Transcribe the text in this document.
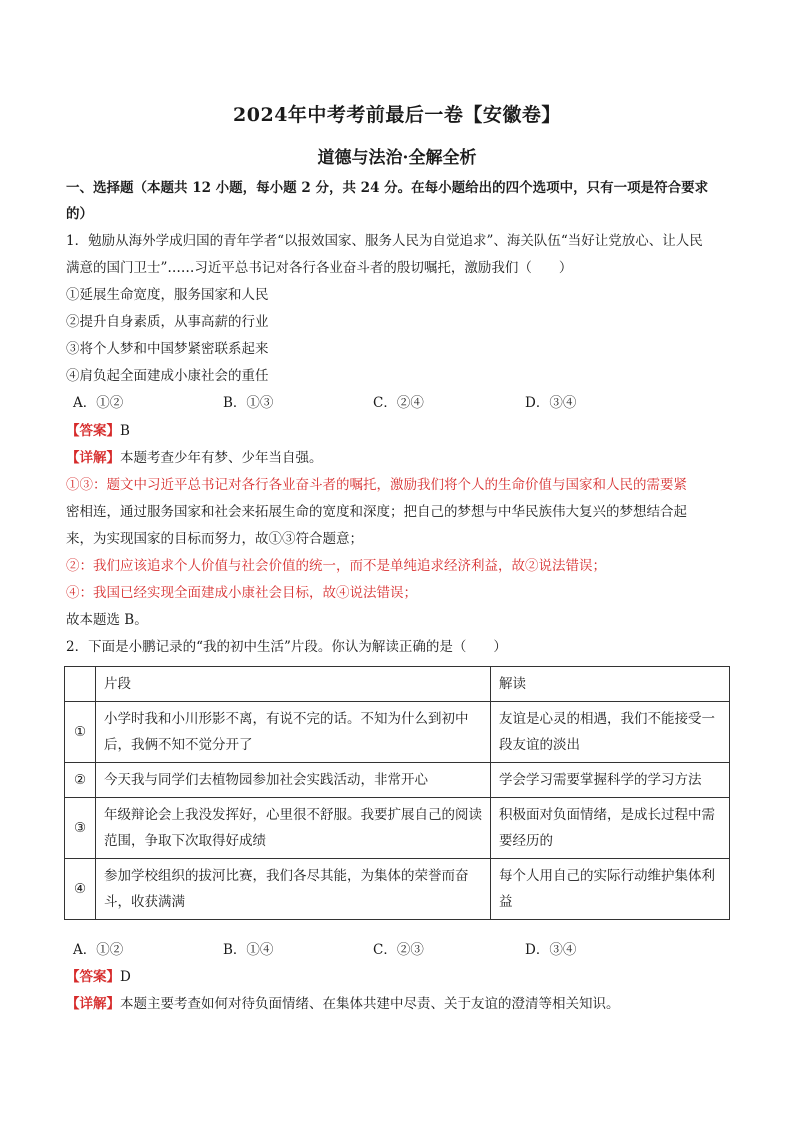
2024年中考考前最后一卷【安徽卷】
道德与法治·全解全析
一、选择题（本题共 12 小题，每小题 2 分，共 24 分。在每小题给出的四个选项中，只有一项是符合要求
的）
1．勉励从海外学成归国的青年学者“以报效国家、服务人民为自觉追求”、海关队伍“当好让党放心、让人民
满意的国门卫士”……习近平总书记对各行各业奋斗者的殷切嘱托，激励我们（　　）
①延展生命宽度，服务国家和人民
②提升自身素质，从事高薪的行业
③将个人梦和中国梦紧密联系起来
④肩负起全面建成小康社会的重任
A．①②	B．①③	C．②④	D．③④
【答案】B
【详解】本题考查少年有梦、少年当自强。
①③：题文中习近平总书记对各行各业奋斗者的嘱托，激励我们将个人的生命价值与国家和人民的需要紧
密相连，通过服务国家和社会来拓展生命的宽度和深度；把自己的梦想与中华民族伟大复兴的梦想结合起
来，为实现国家的目标而努力，故①③符合题意；
②：我们应该追求个人价值与社会价值的统一，而不是单纯追求经济利益，故②说法错误；
④：我国已经实现全面建成小康社会目标，故④说法错误；
故本题选 B。
2．下面是小鹏记录的“我的初中生活”片段。你认为解读正确的是（　　）
	片段	解读
①	小学时我和小川形影不离，有说不完的话。不知为什么到初中后，我俩不知不觉分开了	友谊是心灵的相遇，我们不能接受一段友谊的淡出
②	今天我与同学们去植物园参加社会实践活动，非常开心	学会学习需要掌握科学的学习方法
③	年级辩论会上我没发挥好，心里很不舒服。我要扩展自己的阅读范围，争取下次取得好成绩	积极面对负面情绪，是成长过程中需要经历的
④	参加学校组织的拔河比赛，我们各尽其能，为集体的荣誉而奋斗，收获满满	每个人用自己的实际行动维护集体利益
A．①②	B．①④	C．②③	D．③④
【答案】D
【详解】本题主要考查如何对待负面情绪、在集体共建中尽责、关于友谊的澄清等相关知识。
